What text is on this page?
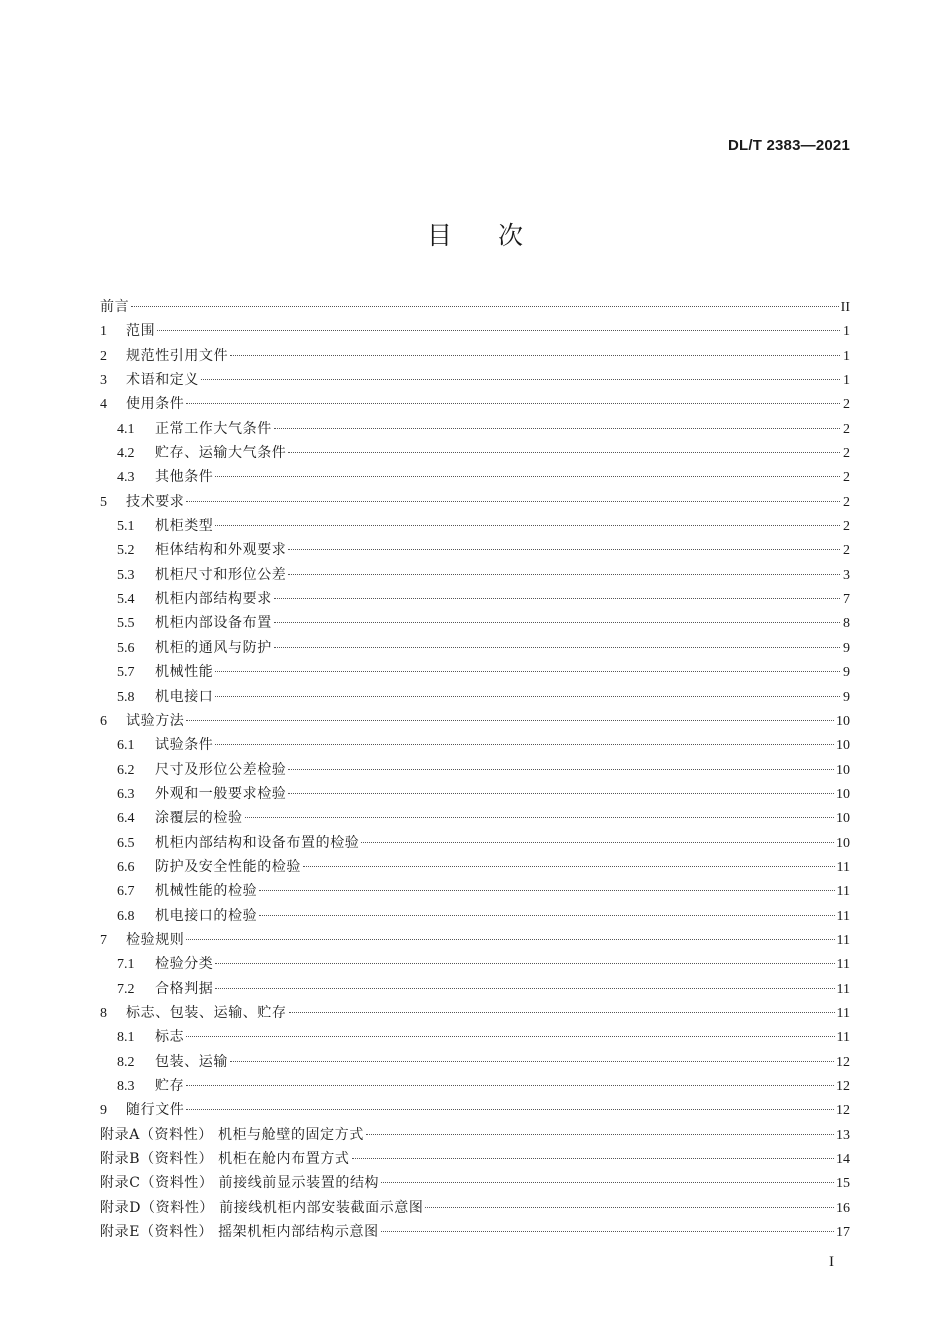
DL/T 2383—2021
目次
前言	II
1	范围	1
2	规范性引用文件	1
3	术语和定义	1
4	使用条件	2
4.1	正常工作大气条件	2
4.2	贮存、运输大气条件	2
4.3	其他条件	2
5	技术要求	2
5.1	机柜类型	2
5.2	柜体结构和外观要求	2
5.3	机柜尺寸和形位公差	3
5.4	机柜内部结构要求	7
5.5	机柜内部设备布置	8
5.6	机柜的通风与防护	9
5.7	机械性能	9
5.8	机电接口	9
6	试验方法	10
6.1	试验条件	10
6.2	尺寸及形位公差检验	10
6.3	外观和一般要求检验	10
6.4	涂覆层的检验	10
6.5	机柜内部结构和设备布置的检验	10
6.6	防护及安全性能的检验	11
6.7	机械性能的检验	11
6.8	机电接口的检验	11
7	检验规则	11
7.1	检验分类	11
7.2	合格判据	11
8	标志、包装、运输、贮存	11
8.1	标志	11
8.2	包装、运输	12
8.3	贮存	12
9	随行文件	12
附录A（资料性） 机柜与舱壁的固定方式	13
附录B（资料性） 机柜在舱内布置方式	14
附录C（资料性） 前接线前显示装置的结构	15
附录D（资料性） 前接线机柜内部安装截面示意图	16
附录E（资料性） 摇架机柜内部结构示意图	17
I
